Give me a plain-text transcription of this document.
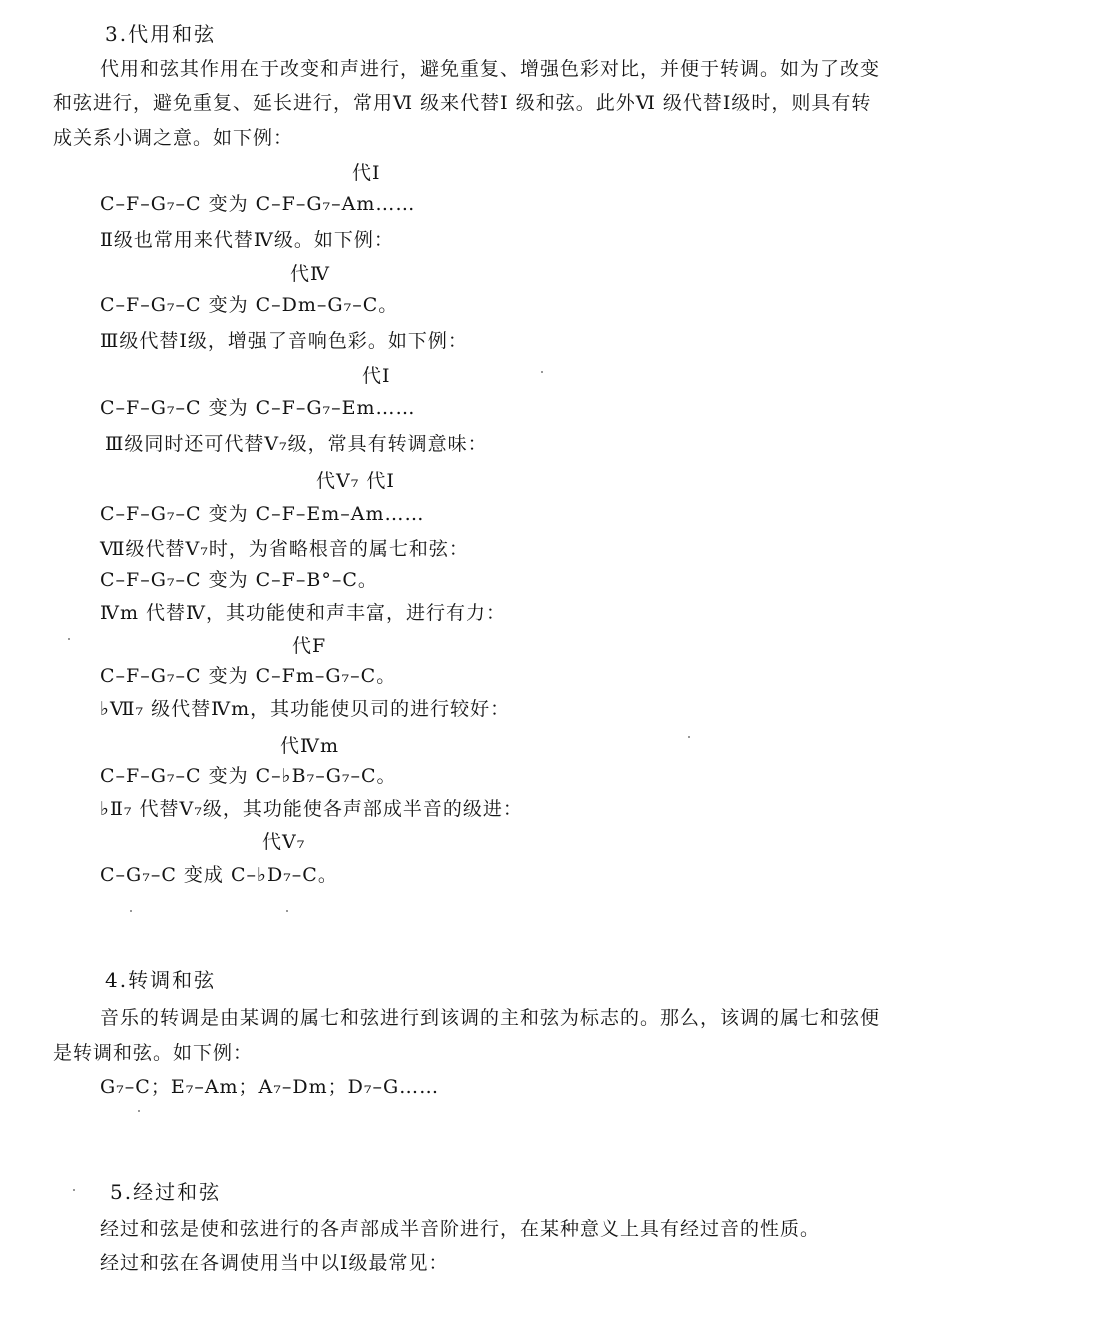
3.代用和弦
代用和弦其作用在于改变和声进行，避免重复、增强色彩对比，并便于转调。如为了改变
和弦进行，避免重复、延长进行，常用Ⅵ 级来代替Ⅰ 级和弦。此外Ⅵ 级代替Ⅰ级时，则具有转
成关系小调之意。如下例：
代Ⅰ
C–F–G₇–C 变为 C–F–G₇–Am……
Ⅱ级也常用来代替Ⅳ级。如下例：
代Ⅳ
C–F–G₇–C 变为 C–Dm–G₇–C。
Ⅲ级代替Ⅰ级，增强了音响色彩。如下例：
代Ⅰ
C–F–G₇–C 变为 C–F–G₇–Em……
Ⅲ级同时还可代替Ⅴ₇级，常具有转调意味：
代Ⅴ₇ 代Ⅰ
C–F–G₇–C 变为 C–F–Em–Am……
Ⅶ级代替Ⅴ₇时，为省略根音的属七和弦：
C–F–G₇–C 变为 C–F–B°–C。
Ⅳm 代替Ⅳ，其功能使和声丰富，进行有力：
代F
C–F–G₇–C 变为 C–Fm–G₇–C。
♭Ⅶ₇ 级代替Ⅳm，其功能使贝司的进行较好：
代Ⅳm
C–F–G₇–C 变为 C–♭B₇–G₇–C。
♭Ⅱ₇ 代替Ⅴ₇级，其功能使各声部成半音的级进：
代Ⅴ₇
C–G₇–C 变成 C–♭D₇–C。
4.转调和弦
音乐的转调是由某调的属七和弦进行到该调的主和弦为标志的。那么，该调的属七和弦便
是转调和弦。如下例：
G₇–C；E₇–Am；A₇–Dm；D₇–G……
5.经过和弦
经过和弦是使和弦进行的各声部成半音阶进行，在某种意义上具有经过音的性质。
经过和弦在各调使用当中以Ⅰ级最常见：
